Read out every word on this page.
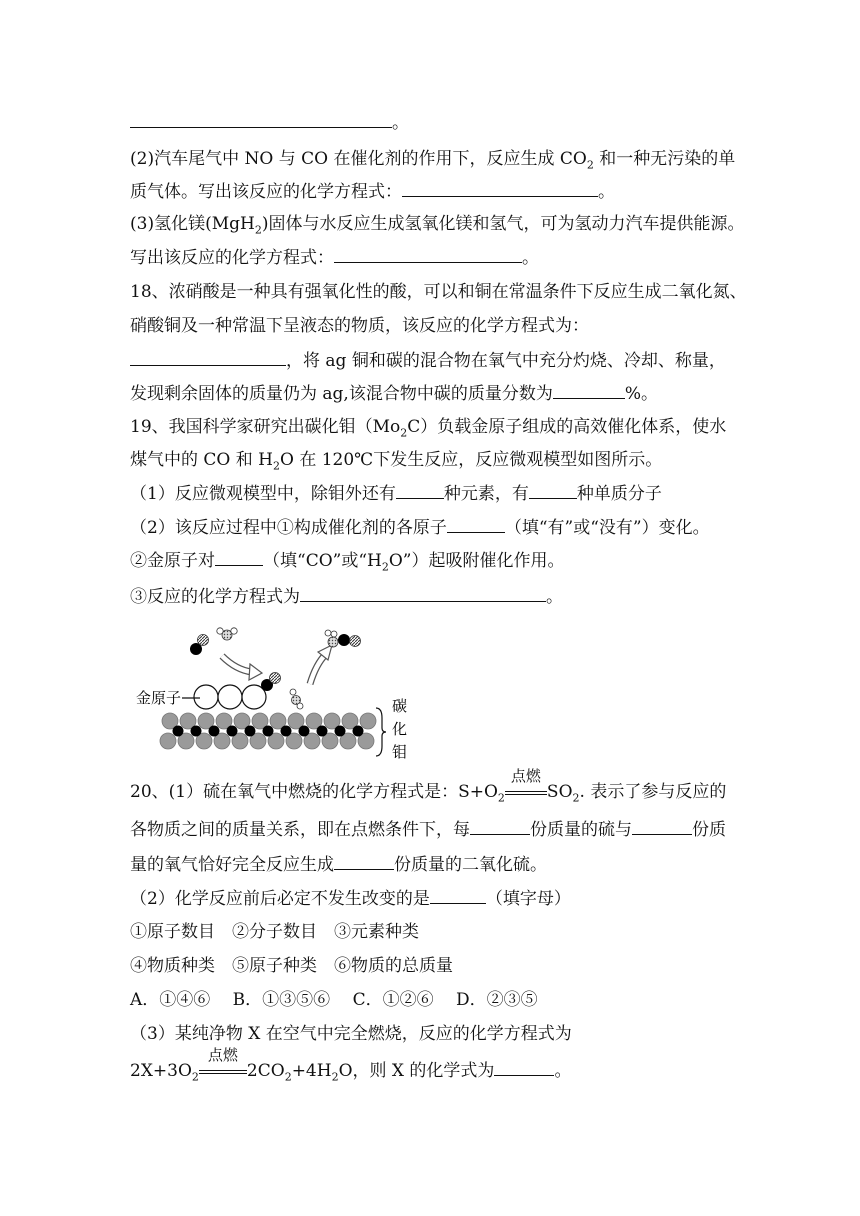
。
(2)汽车尾气中 NO 与 CO 在催化剂的作用下，反应生成 $CO_2$ 和一种无污染的单
质气体。写出该反应的化学方程式：	。
(3)氢化镁(MgH$_2$)固体与水反应生成氢氧化镁和氢气，可为氢动力汽车提供能源。
写出该反应的化学方程式：	。
18、浓硝酸是一种具有强氧化性的酸，可以和铜在常温条件下反应生成二氧化氮、
硝酸铜及一种常温下呈液态的物质，该反应的化学方程式为：
，将 ag 铜和碳的混合物在氧气中充分灼烧、冷却、称量，
发现剩余固体的质量仍为 ag,该混合物中碳的质量分数为	%。
19、我国科学家研究出碳化钼$(Mo_2C)$负载金原子组成的高效催化体系，使水
煤气中的 CO 和 $H_2O$ 在 120℃下发生反应，反应微观模型如图所示。
（1）反应微观模型中，除钼外还有	种元素，有	种单质分子
（2）该反应过程中①构成催化剂的各原子	（填“有”或“没有”）变化。
②金原子对	（填“CO”或“$H_2O$”）起吸附催化作用。
③反应的化学方程式为	。
金原子	碳
化
钼
20、(1）硫在氧气中燃烧的化学方程式是：$S+O_2$
点燃
$SO_2$. 表示了参与反应的
各物质之间的质量关系，即在点燃条件下，每	份质量的硫与	份质
量的氧气恰好完全反应生成	份质量的二氧化硫。
（2）化学反应前后必定不发生改变的是	（填字母）
①原子数目　②分子数目　③元素种类
④物质种类　⑤原子种类　⑥物质的总质量
A．①④⑥　 B．①③⑤⑥　 C．①②⑥　 D．②③⑤
（3）某纯净物 X 在空气中完全燃烧，反应的化学方程式为
$2X+3O_2$
点燃
$2CO_2+4H_2O$，则 X 的化学式为	。
